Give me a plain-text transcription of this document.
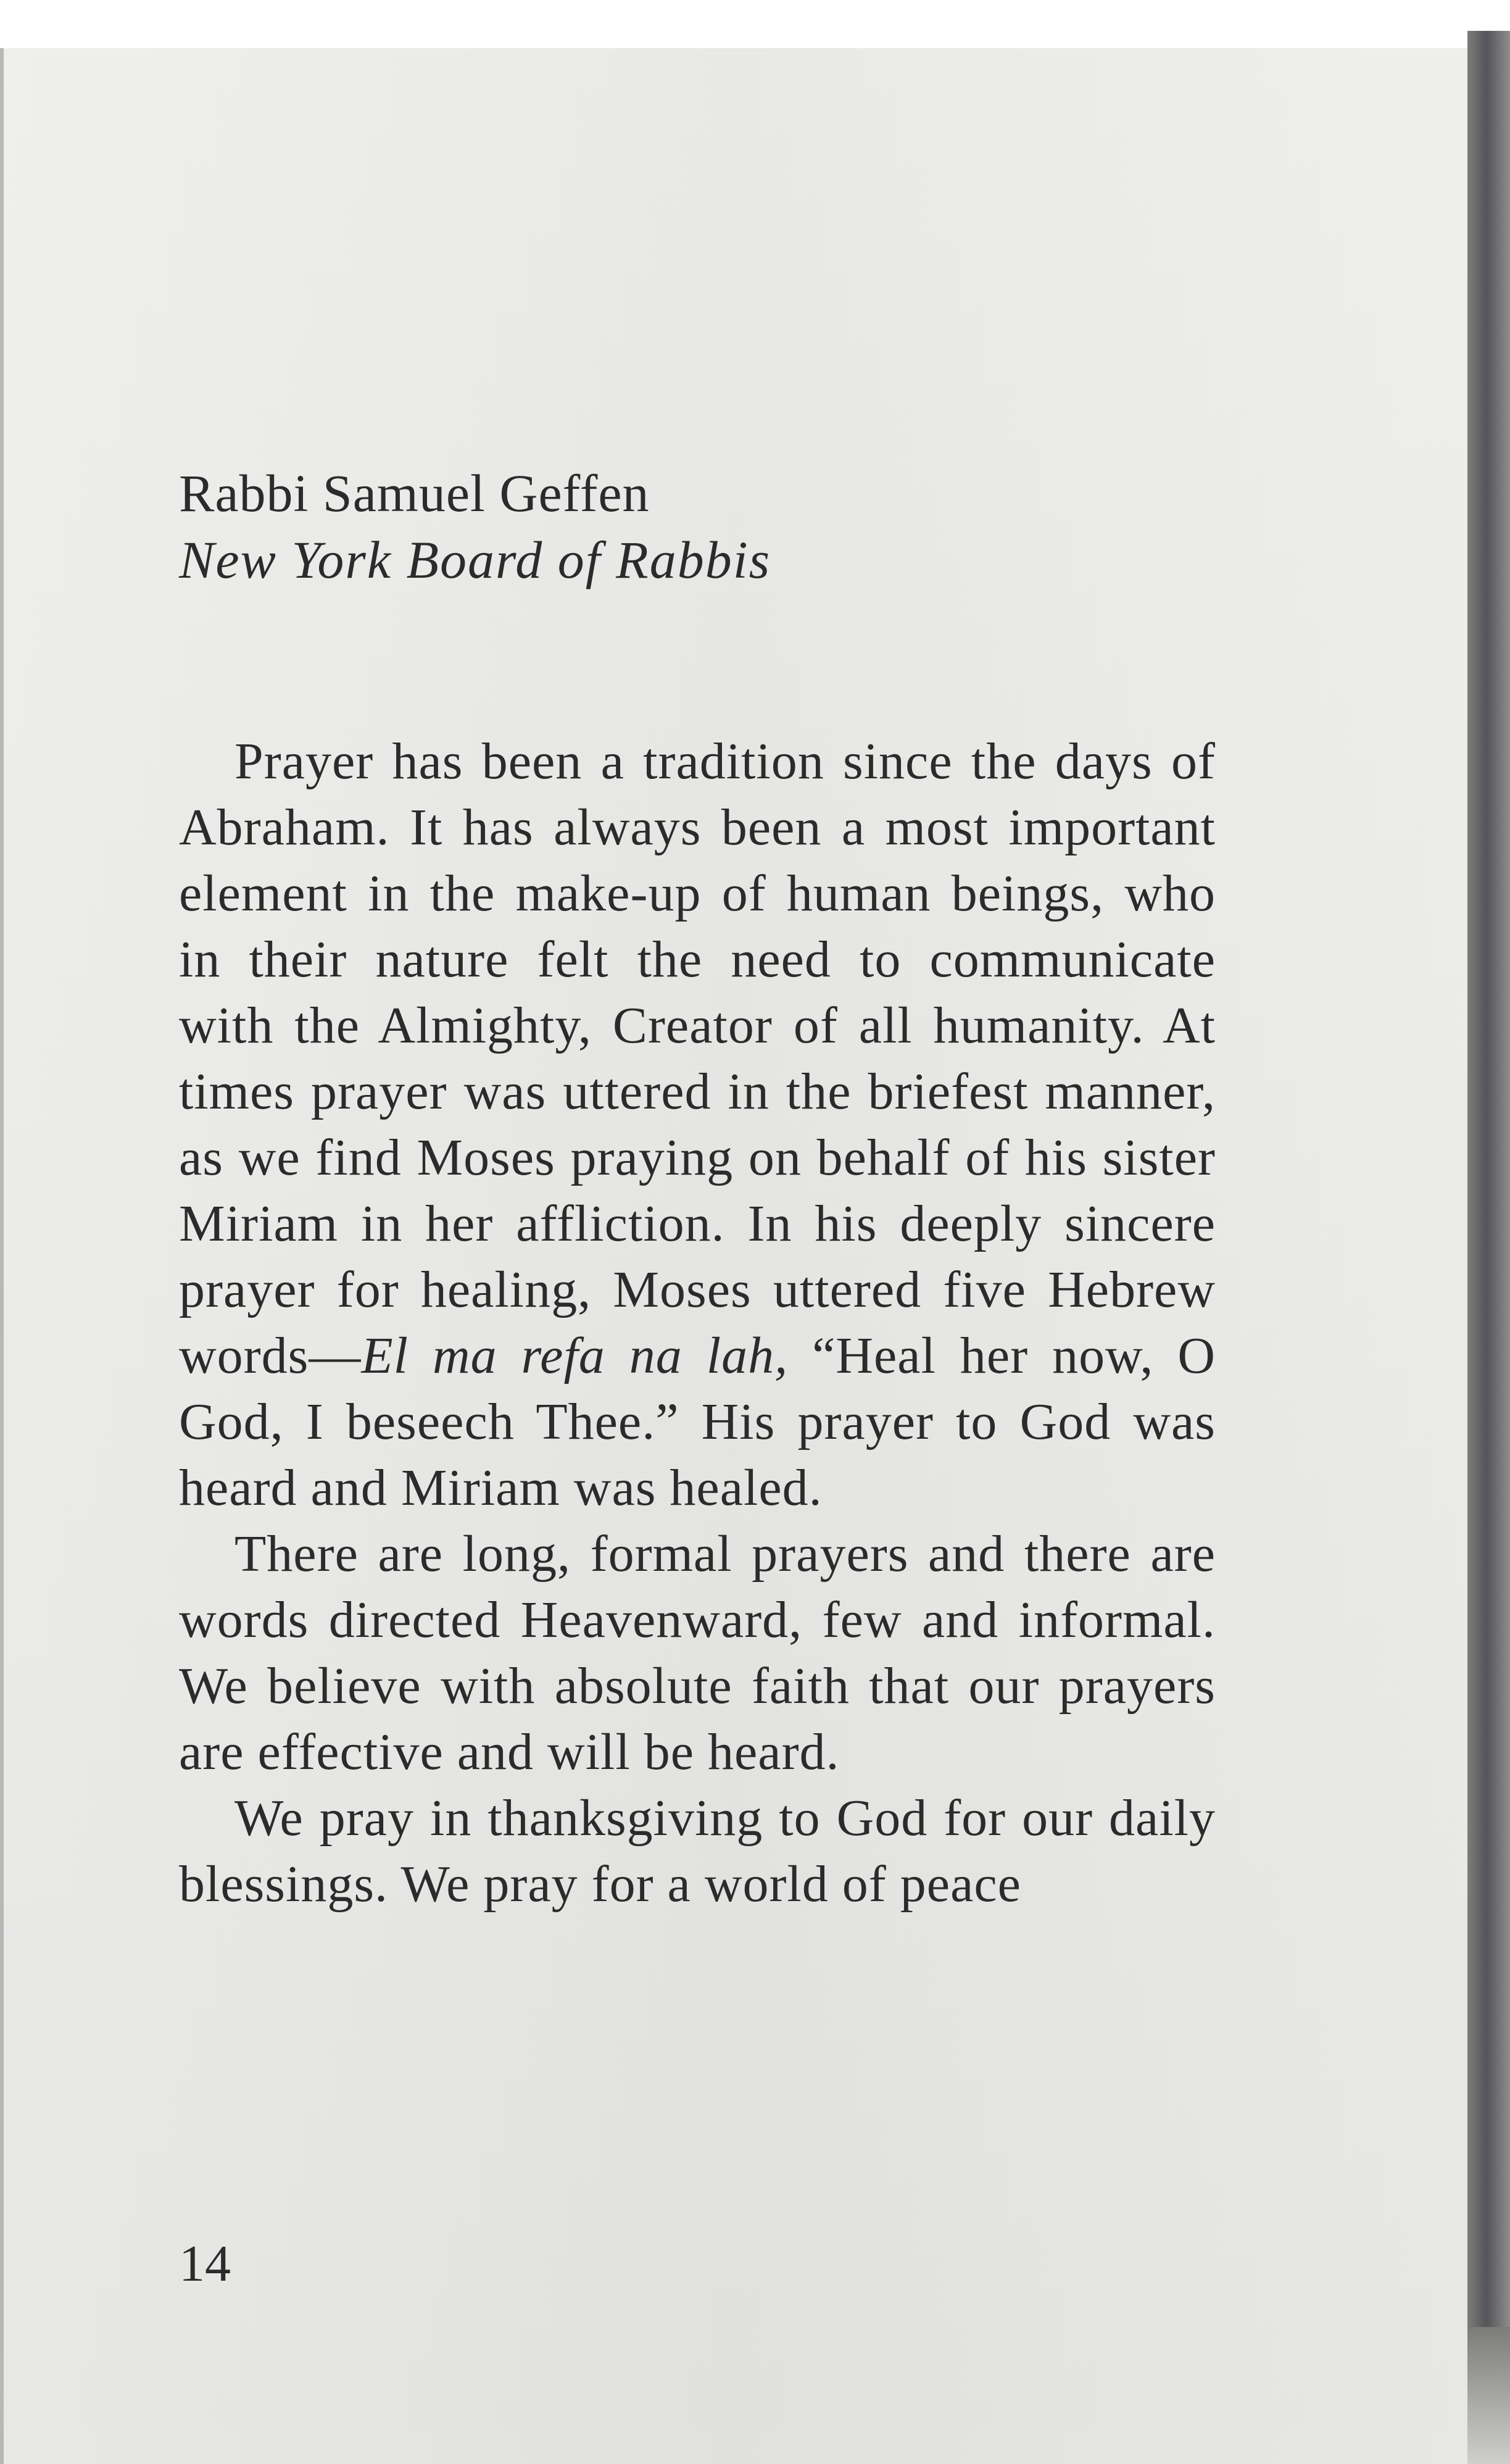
Rabbi Samuel Geffen
New York Board of Rabbis

Prayer has been a tradition since the days of Abraham. It has always been a most important element in the make-up of human beings, who in their nature felt the need to communicate with the Almighty, Creator of all humanity. At times prayer was uttered in the briefest manner, as we find Moses praying on behalf of his sister Miriam in her affliction. In his deeply sincere prayer for healing, Moses uttered five Hebrew words—El ma refa na lah, “Heal her now, O God, I beseech Thee.” His prayer to God was heard and Miriam was healed.

There are long, formal prayers and there are words directed Heavenward, few and informal. We believe with absolute faith that our prayers are effective and will be heard.

We pray in thanksgiving to God for our daily blessings. We pray for a world of peace

14
